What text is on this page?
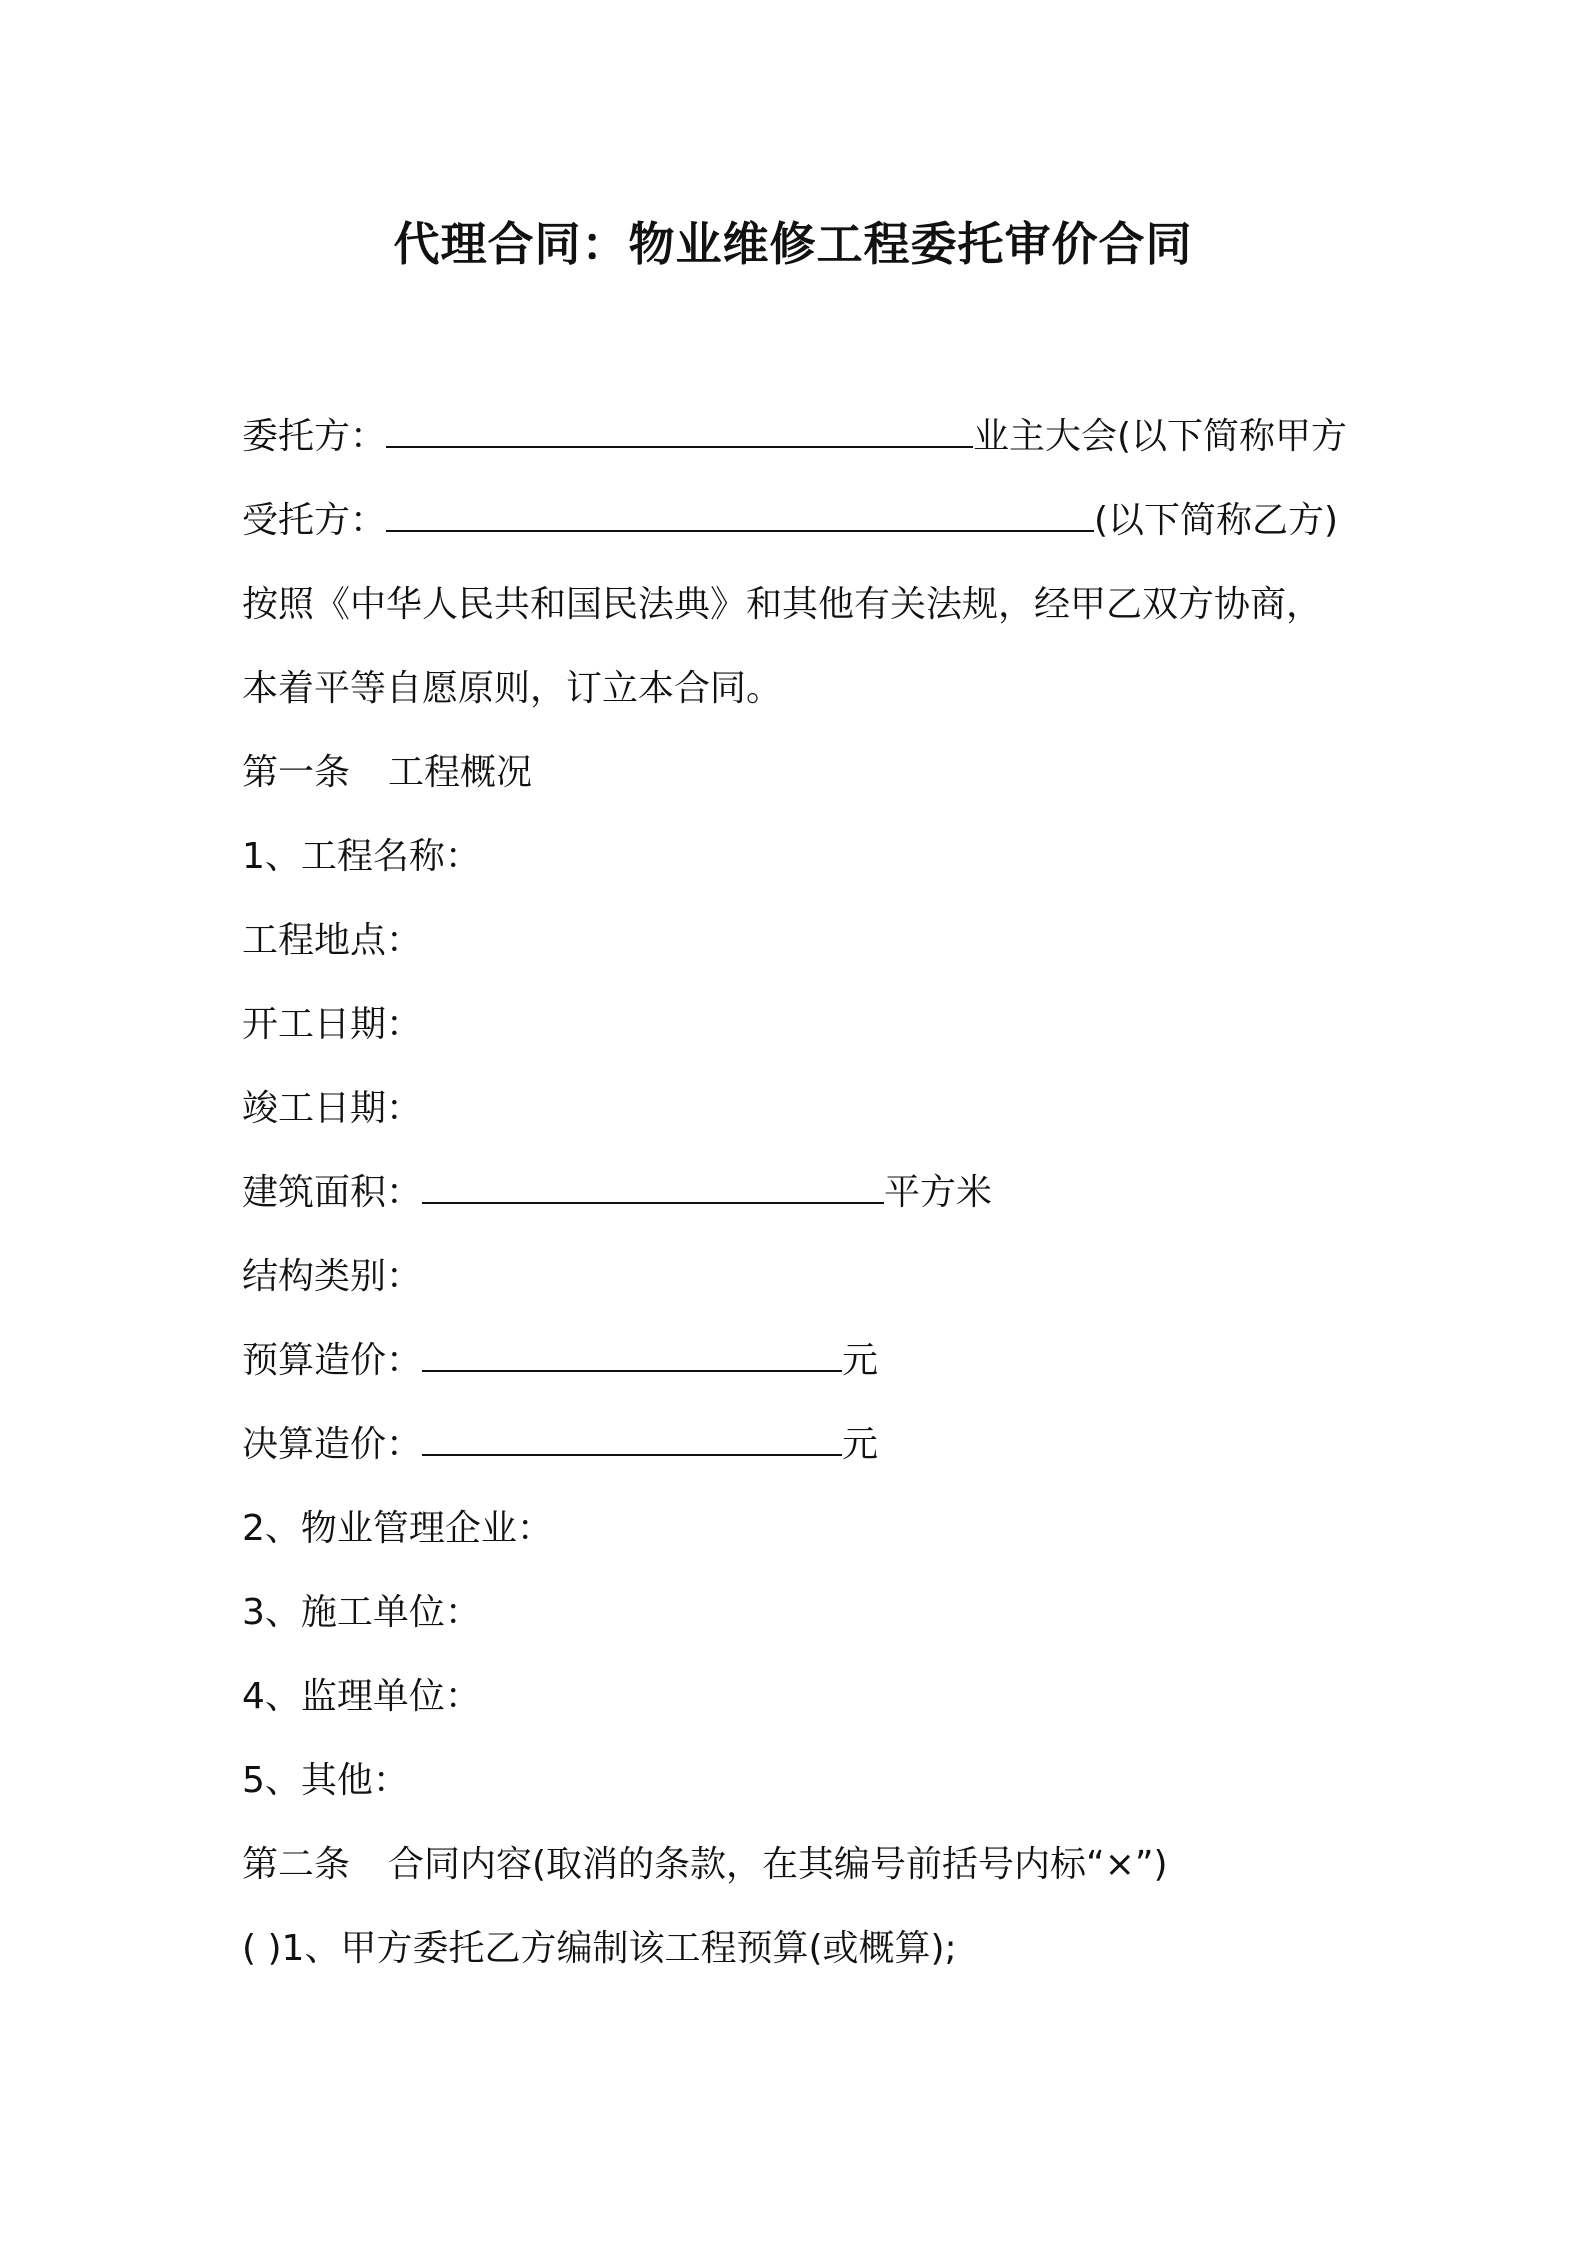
代理合同：物业维修工程委托审价合同
委托方：	业主大会(以下简称甲方
受托方：	(以下简称乙方)
按照《中华人民共和国民法典》和其他有关法规，经甲乙双方协商，
本着平等自愿原则，订立本合同。
第一条 工程概况
1、工程名称：
工程地点：
开工日期：
竣工日期：
建筑面积：	平方米
结构类别：
预算造价：	元
决算造价：	元
2、物业管理企业：
3、施工单位：
4、监理单位：
5、其他：
第二条 合同内容(取消的条款，在其编号前括号内标“×”)
( )1、甲方委托乙方编制该工程预算(或概算);
